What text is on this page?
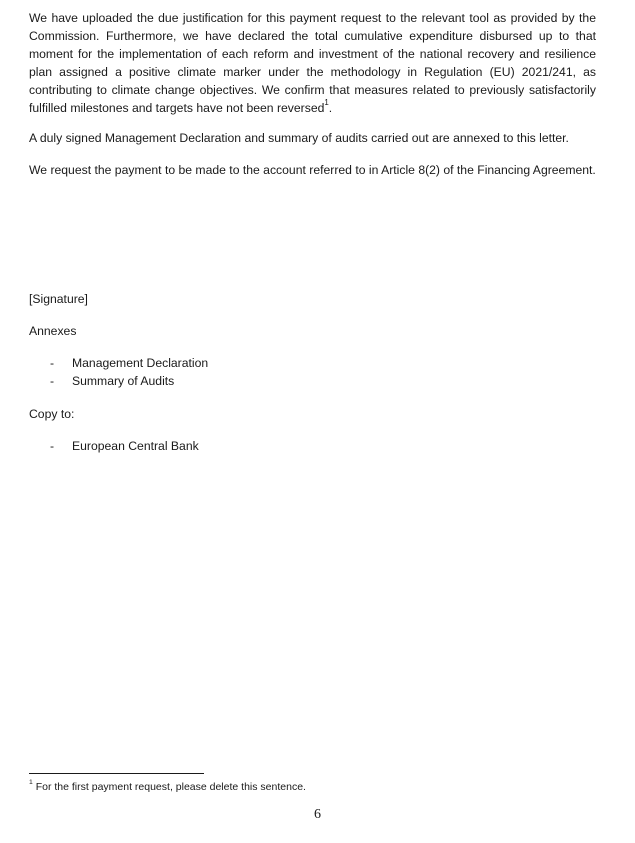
We have uploaded the due justification for this payment request to the relevant tool as provided by the Commission. Furthermore, we have declared the total cumulative expenditure disbursed up to that moment for the implementation of each reform and investment of the national recovery and resilience plan assigned a positive climate marker under the methodology in Regulation (EU) 2021/241, as contributing to climate change objectives. We confirm that measures related to previously satisfactorily fulfilled milestones and targets have not been reversed$^1$.

A duly signed Management Declaration and summary of audits carried out are annexed to this letter.

We request the payment to be made to the account referred to in Article 8(2) of the Financing Agreement.

[Signature]

Annexes

- Management Declaration
- Summary of Audits

Copy to:

- European Central Bank
$^1$ For the first payment request, please delete this sentence.
6
